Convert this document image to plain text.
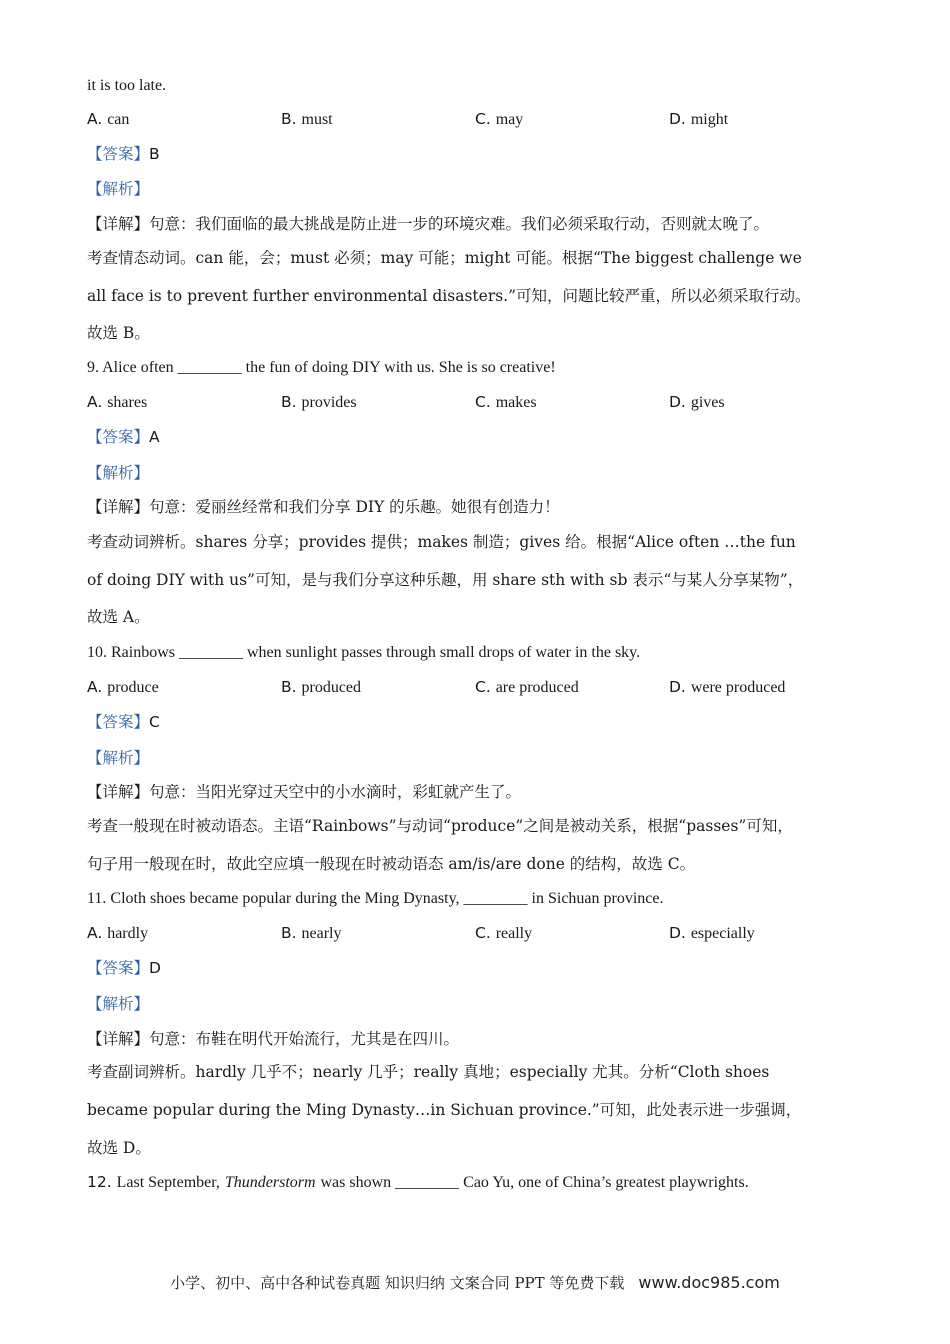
it is too late.
A. can	B. must	C. may	D. might
【答案】B
【解析】
【详解】句意：我们面临的最大挑战是防止进一步的环境灾难。我们必须采取行动，否则就太晚了。
考查情态动词。can 能，会；must 必须；may 可能；might 可能。根据“The biggest challenge we
all face is to prevent further environmental disasters.”可知，问题比较严重，所以必须采取行动。
故选 B。
9. Alice often ________ the fun of doing DIY with us. She is so creative!
A. shares	B. provides	C. makes	D. gives
【答案】A
【解析】
【详解】句意：爱丽丝经常和我们分享 DIY 的乐趣。她很有创造力！
考查动词辨析。shares 分享；provides 提供；makes 制造；gives 给。根据“Alice often …the fun
of doing DIY with us”可知，是与我们分享这种乐趣，用 share sth with sb 表示“与某人分享某物”，
故选 A。
10. Rainbows ________ when sunlight passes through small drops of water in the sky.
A. produce	B. produced	C. are produced	D. were produced
【答案】C
【解析】
【详解】句意：当阳光穿过天空中的小水滴时，彩虹就产生了。
考查一般现在时被动语态。主语“Rainbows”与动词“produce”之间是被动关系，根据“passes”可知，
句子用一般现在时，故此空应填一般现在时被动语态 am/is/are done 的结构，故选 C。
11. Cloth shoes became popular during the Ming Dynasty, ________ in Sichuan province.
A. hardly	B. nearly	C. really	D. especially
【答案】D
【解析】
【详解】句意：布鞋在明代开始流行，尤其是在四川。
考查副词辨析。hardly 几乎不；nearly 几乎；really 真地；especially 尤其。分析“Cloth shoes
became popular during the Ming Dynasty…in Sichuan province.”可知，此处表示进一步强调，
故选 D。
12. Last September, Thunderstorm was shown ________ Cao Yu, one of China’s greatest playwrights.
小学、初中、高中各种试卷真题 知识归纳 文案合同 PPT 等免费下载 www.doc985.com
